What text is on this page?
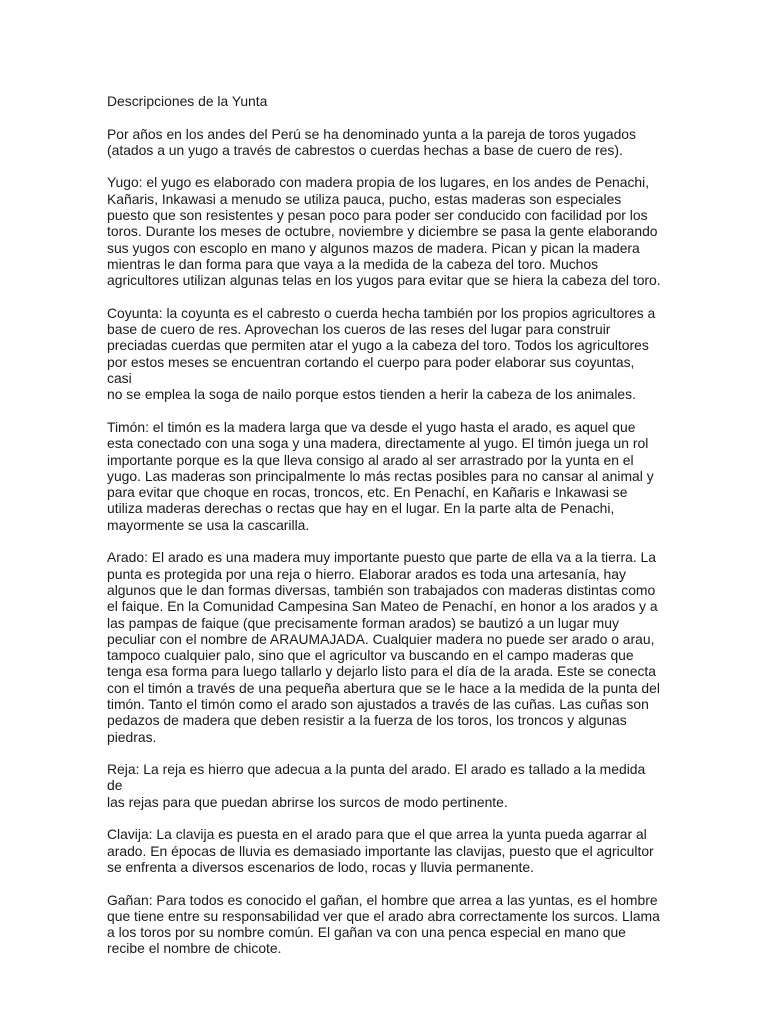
Descripciones de la Yunta

Por años en los andes del Perú se ha denominado yunta a la pareja de toros yugados
(atados a un yugo a través de cabrestos o cuerdas hechas a base de cuero de res).

Yugo: el yugo es elaborado con madera propia de los lugares, en los andes de Penachi,
Kañaris, Inkawasi a menudo se utiliza pauca, pucho, estas maderas son especiales
puesto que son resistentes y pesan poco para poder ser conducido con facilidad por los
toros. Durante los meses de octubre, noviembre y diciembre se pasa la gente elaborando
sus yugos con escoplo en mano y algunos mazos de madera. Pican y pican la madera
mientras le dan forma para que vaya a la medida de la cabeza del toro. Muchos
agricultores utilizan algunas telas en los yugos para evitar que se hiera la cabeza del toro.

Coyunta: la coyunta es el cabresto o cuerda hecha también por los propios agricultores a
base de cuero de res. Aprovechan los cueros de las reses del lugar para construir
preciadas cuerdas que permiten atar el yugo a la cabeza del toro. Todos los agricultores
por estos meses se encuentran cortando el cuerpo para poder elaborar sus coyuntas, casi
no se emplea la soga de nailo porque estos tienden a herir la cabeza de los animales.

Timón: el timón es la madera larga que va desde el yugo hasta el arado, es aquel que
esta conectado con una soga y una madera, directamente al yugo. El timón juega un rol
importante porque es la que lleva consigo al arado al ser arrastrado por la yunta en el
yugo. Las maderas son principalmente lo más rectas posibles para no cansar al animal y
para evitar que choque en rocas, troncos, etc. En Penachí, en Kañaris e Inkawasi se
utiliza maderas derechas o rectas que hay en el lugar. En la parte alta de Penachi,
mayormente se usa la cascarilla.

Arado: El arado es una madera muy importante puesto que parte de ella va a la tierra. La
punta es protegida por una reja o hierro. Elaborar arados es toda una artesanía, hay
algunos que le dan formas diversas, también son trabajados con maderas distintas como
el faique. En la Comunidad Campesina San Mateo de Penachí, en honor a los arados y a
las pampas de faique (que precisamente forman arados) se bautizó a un lugar muy
peculiar con el nombre de ARAUMAJADA. Cualquier madera no puede ser arado o arau,
tampoco cualquier palo, sino que el agricultor va buscando en el campo maderas que
tenga esa forma para luego tallarlo y dejarlo listo para el día de la arada. Este se conecta
con el timón a través de una pequeña abertura que se le hace a la medida de la punta del
timón. Tanto el timón como el arado son ajustados a través de las cuñas. Las cuñas son
pedazos de madera que deben resistir a la fuerza de los toros, los troncos y algunas
piedras.

Reja: La reja es hierro que adecua a la punta del arado. El arado es tallado a la medida de
las rejas para que puedan abrirse los surcos de modo pertinente.

Clavija: La clavija es puesta en el arado para que el que arrea la yunta pueda agarrar al
arado. En épocas de lluvia es demasiado importante las clavijas, puesto que el agricultor
se enfrenta a diversos escenarios de lodo, rocas y lluvia permanente.

Gañan: Para todos es conocido el gañan, el hombre que arrea a las yuntas, es el hombre
que tiene entre su responsabilidad ver que el arado abra correctamente los surcos. Llama
a los toros por su nombre común. El gañan va con una penca especial en mano que
recibe el nombre de chicote.
